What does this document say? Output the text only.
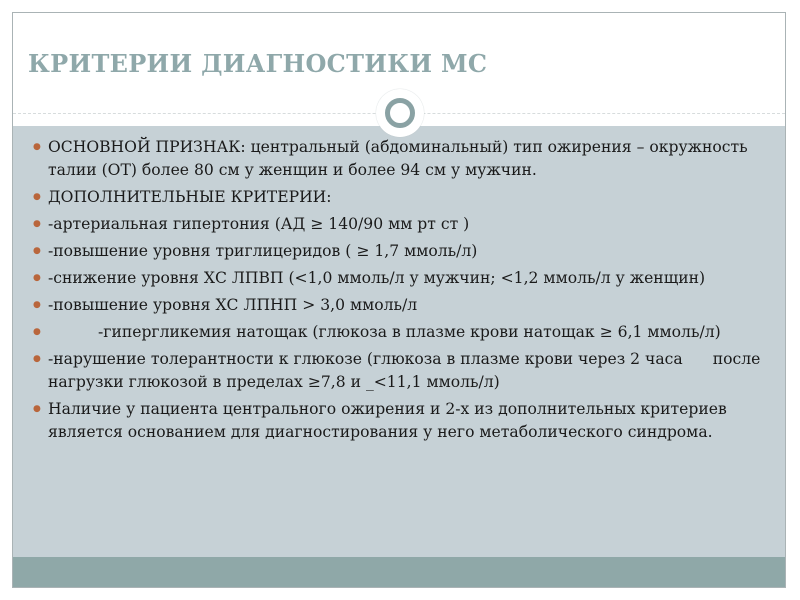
КРИТЕРИИ ДИАГНОСТИКИ МС
● ОСНОВНОЙ ПРИЗНАК: центральный (абдоминальный) тип ожирения – окружность талии (ОТ) более 80 см у женщин и более 94 см у мужчин.
● ДОПОЛНИТЕЛЬНЫЕ КРИТЕРИИ:
● -артериальная гипертония (АД ≥ 140/90 мм рт ст )
● -повышение уровня триглицеридов ( ≥ 1,7 ммоль/л)
● -снижение уровня ХС ЛПВП (<1,0 ммоль/л у мужчин; <1,2 ммоль/л у женщин)
● -повышение уровня ХС ЛПНП > 3,0 ммоль/л
●	-гипергликемия натощак (глюкоза в плазме крови натощак ≥ 6,1 ммоль/л)
● -нарушение толерантности к глюкозе (глюкоза в плазме крови через 2 часа после нагрузки глюкозой в пределах ≥7,8 и _<11,1 ммоль/л)
● Наличие у пациента центрального ожирения и 2-х из дополнительных критериев является основанием для диагностирования у него метаболического синдрома.
